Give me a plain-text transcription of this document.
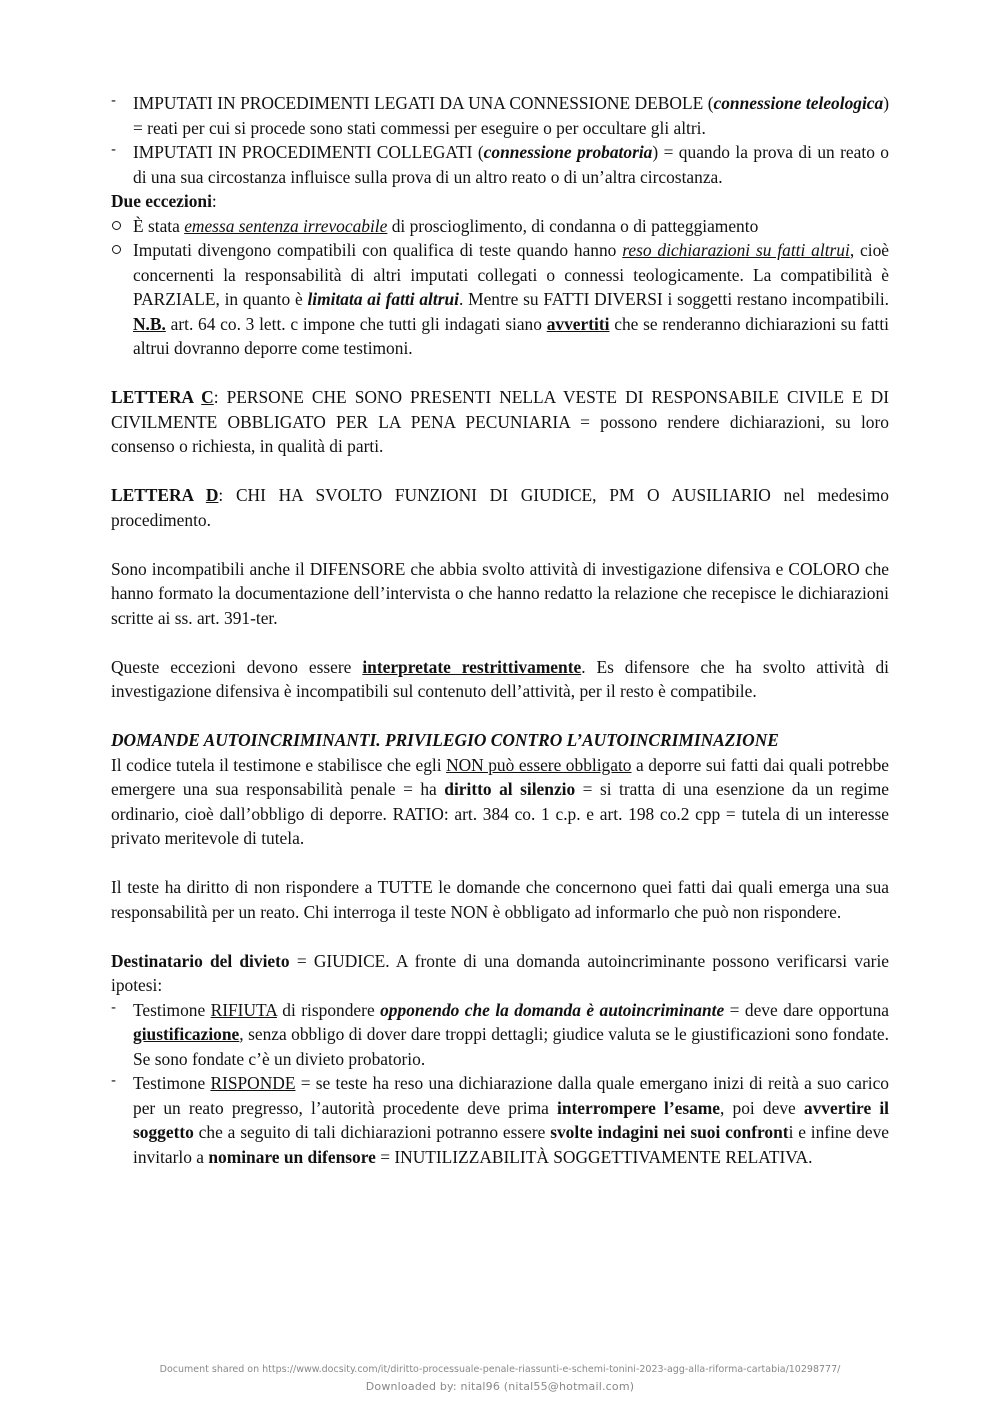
- IMPUTATI IN PROCEDIMENTI LEGATI DA UNA CONNESSIONE DEBOLE (connessione teleologica) = reati per cui si procede sono stati commessi per eseguire o per occultare gli altri.
- IMPUTATI IN PROCEDIMENTI COLLEGATI (connessione probatoria) = quando la prova di un reato o di una sua circostanza influisce sulla prova di un altro reato o di un’altra circostanza.

Due eccezioni:

È stata emessa sentenza irrevocabile di proscioglimento, di condanna o di patteggiamento
Imputati divengono compatibili con qualifica di teste quando hanno reso dichiarazioni su fatti altrui, cioè concernenti la responsabilità di altri imputati collegati o connessi teologicamente. La compatibilità è PARZIALE, in quanto è limitata ai fatti altrui. Mentre su FATTI DIVERSI i soggetti restano incompatibili. N.B. art. 64 co. 3 lett. c impone che tutti gli indagati siano avvertiti che se renderanno dichiarazioni su fatti altrui dovranno deporre come testimoni.

LETTERA C: PERSONE CHE SONO PRESENTI NELLA VESTE DI RESPONSABILE CIVILE E DI CIVILMENTE OBBLIGATO PER LA PENA PECUNIARIA = possono rendere dichiarazioni, su loro consenso o richiesta, in qualità di parti.

LETTERA D: CHI HA SVOLTO FUNZIONI DI GIUDICE, PM O AUSILIARIO nel medesimo procedimento.

Sono incompatibili anche il DIFENSORE che abbia svolto attività di investigazione difensiva e COLORO che hanno formato la documentazione dell’intervista o che hanno redatto la relazione che recepisce le dichiarazioni scritte ai ss. art. 391-ter.

Queste eccezioni devono essere interpretate restrittivamente. Es difensore che ha svolto attività di investigazione difensiva è incompatibili sul contenuto dell’attività, per il resto è compatibile.

DOMANDE AUTOINCRIMINANTI. PRIVILEGIO CONTRO L’AUTOINCRIMINAZIONE

Il codice tutela il testimone e stabilisce che egli NON può essere obbligato a deporre sui fatti dai quali potrebbe emergere una sua responsabilità penale = ha diritto al silenzio = si tratta di una esenzione da un regime ordinario, cioè dall’obbligo di deporre. RATIO: art. 384 co. 1 c.p. e art. 198 co.2 cpp = tutela di un interesse privato meritevole di tutela.

Il teste ha diritto di non rispondere a TUTTE le domande che concernono quei fatti dai quali emerga una sua responsabilità per un reato. Chi interroga il teste NON è obbligato ad informarlo che può non rispondere.

Destinatario del divieto = GIUDICE. A fronte di una domanda autoincriminante possono verificarsi varie ipotesi:

- Testimone RIFIUTA di rispondere opponendo che la domanda è autoincriminante = deve dare opportuna giustificazione, senza obbligo di dover dare troppi dettagli; giudice valuta se le giustificazioni sono fondate. Se sono fondate c’è un divieto probatorio.
- Testimone RISPONDE = se teste ha reso una dichiarazione dalla quale emergano inizi di reità a suo carico per un reato pregresso, l’autorità procedente deve prima interrompere l’esame, poi deve avvertire il soggetto che a seguito di tali dichiarazioni potranno essere svolte indagini nei suoi confronti e infine deve invitarlo a nominare un difensore = INUTILIZZABILITÀ SOGGETTIVAMENTE RELATIVA.
Document shared on https://www.docsity.com/it/diritto-processuale-penale-riassunti-e-schemi-tonini-2023-agg-alla-riforma-cartabia/10298777/
Downloaded by: nital96 (nital55@hotmail.com)
